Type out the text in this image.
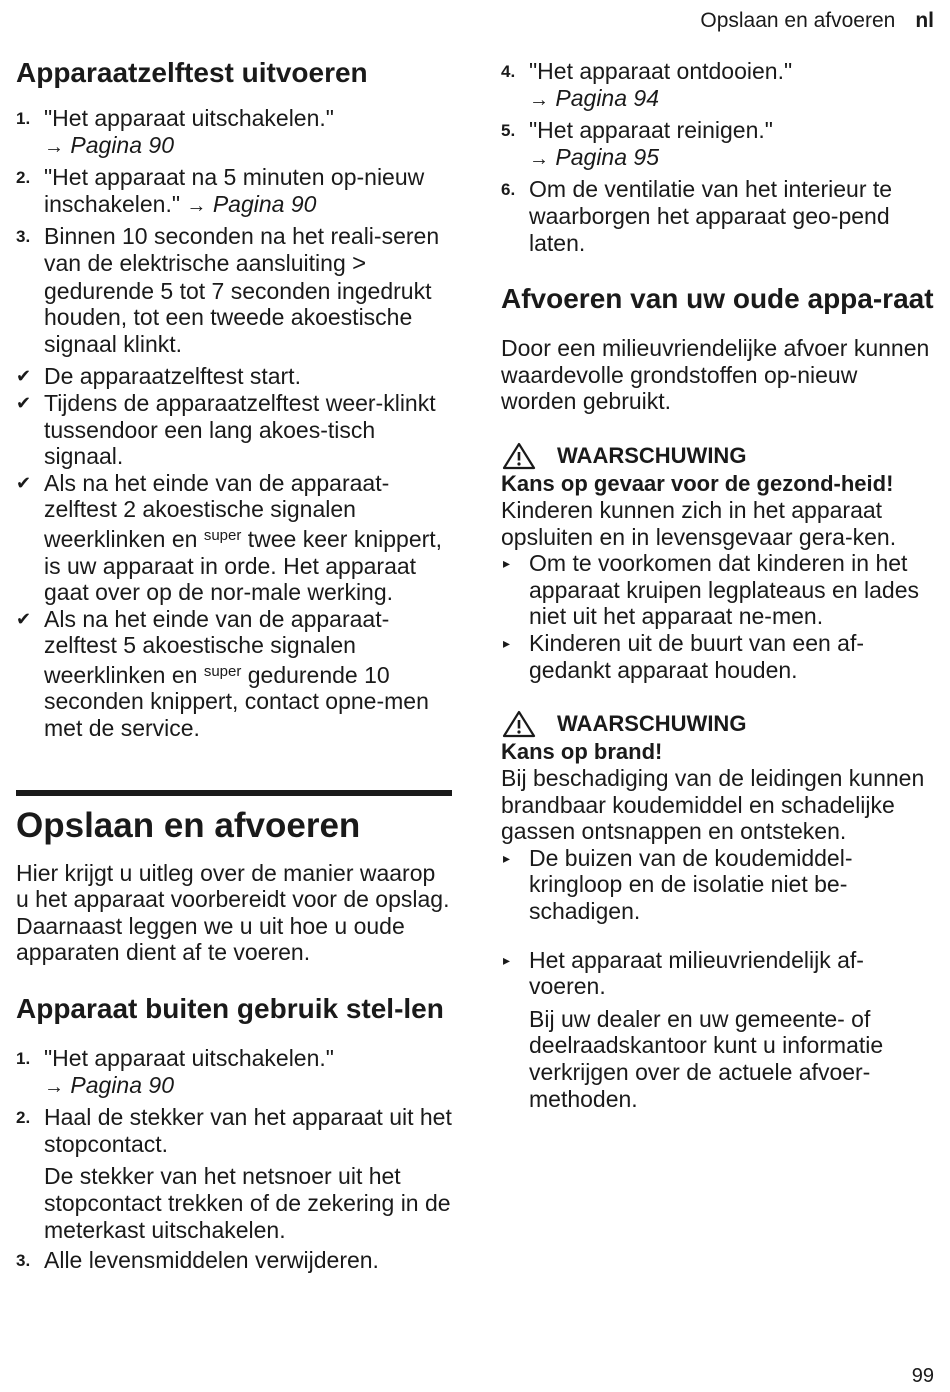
Opslaan en afvoeren nl
Apparaatzelftest uitvoeren
1. "Het apparaat uitschakelen."
→ Pagina 90
2. "Het apparaat na 5 minuten op-nieuw inschakelen." → Pagina 90
3. Binnen 10 seconden na het reali-seren van de elektrische aansluiting > gedurende 5 tot 7 seconden ingedrukt houden, tot een tweede akoestische signaal klinkt.
✔ De apparaatzelftest start.
✔ Tijdens de apparaatzelftest weer-klinkt tussendoor een lang akoes-tisch signaal.
✔ Als na het einde van de apparaat-zelftest 2 akoestische signalen weerklinken en $^{super}$ twee keer knippert, is uw apparaat in orde. Het apparaat gaat over op de nor-male werking.
✔ Als na het einde van de apparaat-zelftest 5 akoestische signalen weerklinken en $^{super}$ gedurende 10 seconden knippert, contact opne-men met de service.
Opslaan en afvoeren

Hier krijgt u uitleg over de manier waarop u het apparaat voorbereidt voor de opslag. Daarnaast leggen we u uit hoe u oude apparaten dient af te voeren.

Apparaat buiten gebruik stel-len
1. "Het apparaat uitschakelen."
→ Pagina 90
2. Haal de stekker van het apparaat uit het stopcontact.
De stekker van het netsnoer uit het stopcontact trekken of de zekering in de meterkast uitschakelen.
3. Alle levensmiddelen verwijderen.
4. "Het apparaat ontdooien."
→ Pagina 94
5. "Het apparaat reinigen."
→ Pagina 95
6. Om de ventilatie van het interieur te waarborgen het apparaat geo-pend laten.
Afvoeren van uw oude appa-raat

Door een milieuvriendelijke afvoer kunnen waardevolle grondstoffen op-nieuw worden gebruikt.

WAARSCHUWING
Kans op gevaar voor de gezond-heid!
Kinderen kunnen zich in het apparaat opsluiten en in levensgevaar gera-ken.
▸ Om te voorkomen dat kinderen in het apparaat kruipen legplateaus en lades niet uit het apparaat ne-men.
▸ Kinderen uit de buurt van een af-gedankt apparaat houden.
WAARSCHUWING
Kans op brand!
Bij beschadiging van de leidingen kunnen brandbaar koudemiddel en schadelijke gassen ontsnappen en ontsteken.
▸ De buizen van de koudemiddel-kringloop en de isolatie niet be-schadigen.
▸ Het apparaat milieuvriendelijk af-voeren.
Bij uw dealer en uw gemeente- of deelraadskantoor kunt u informatie verkrijgen over de actuele afvoer-methoden.
99
